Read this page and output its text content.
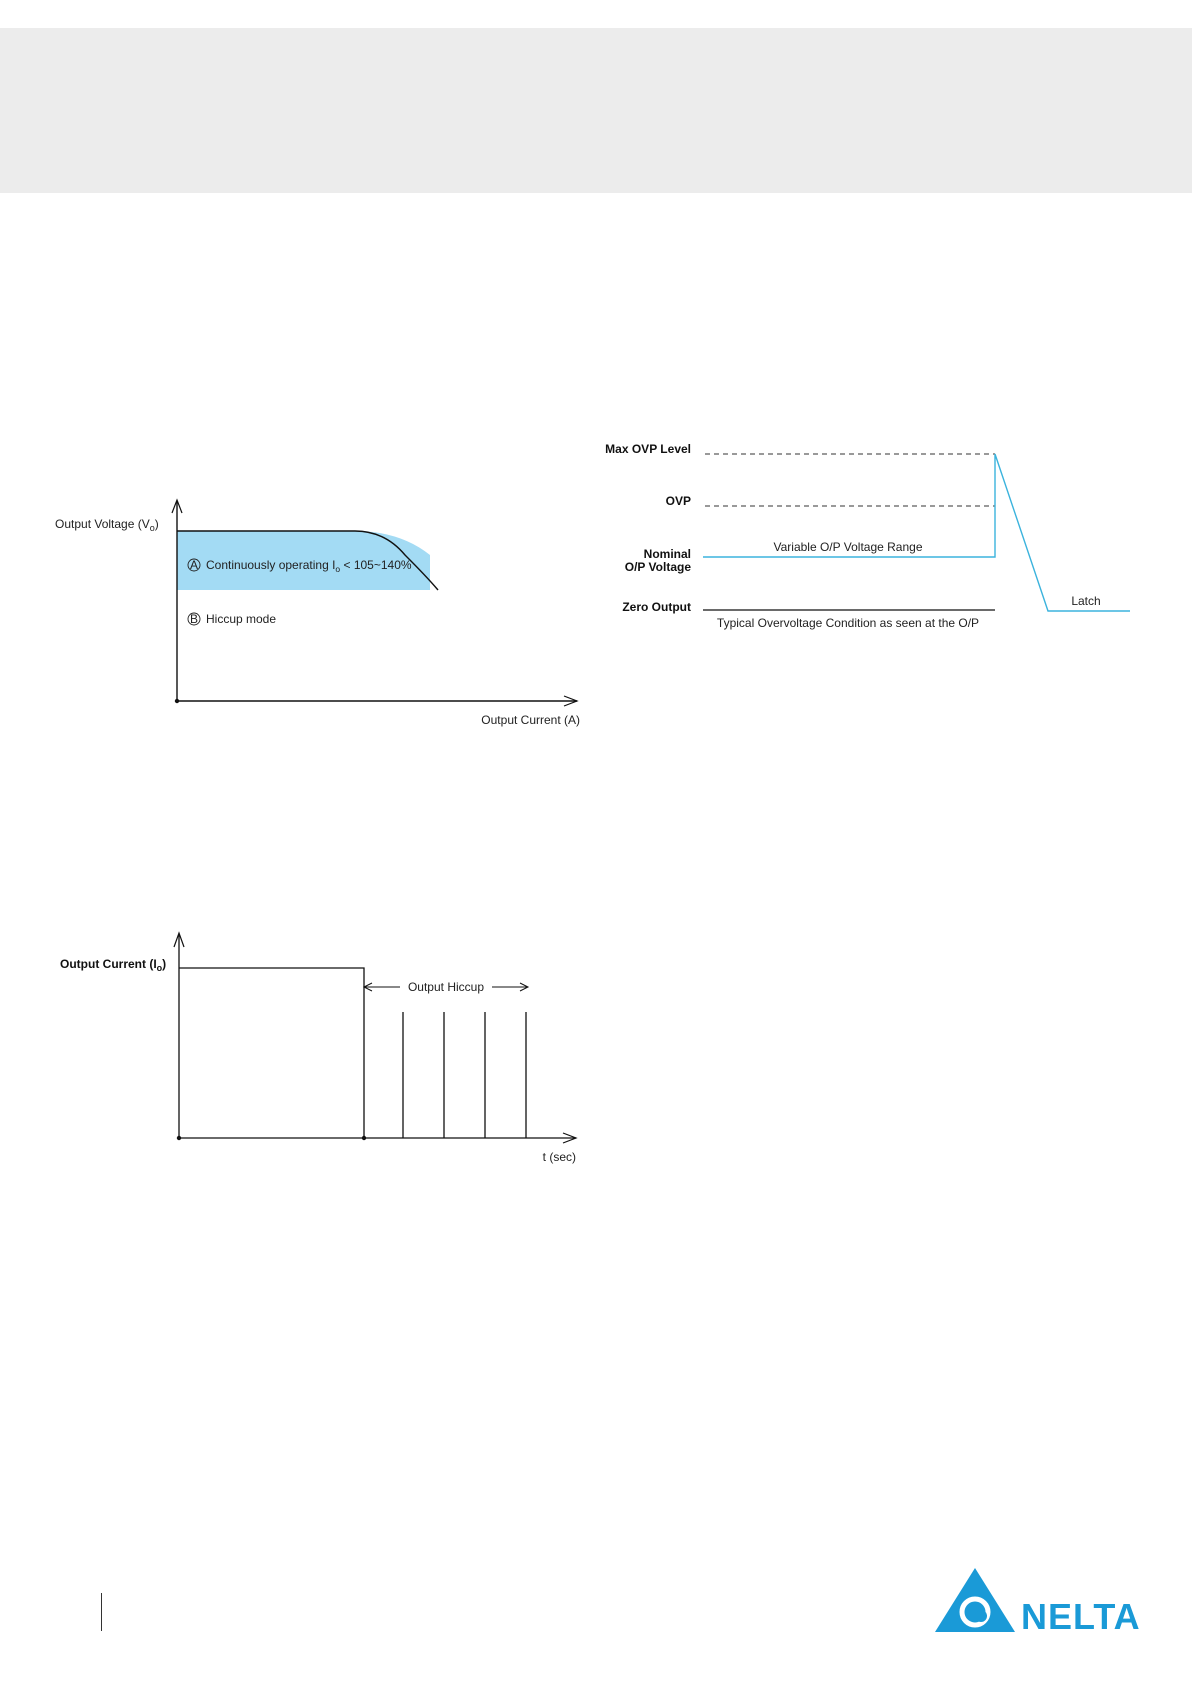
Output Voltage $(V_o)$
A Continuously operating $I_o$ < 105~140%
B Hiccup mode
Output Current (A)
Max OVP Level
OVP
Nominal
O/P Voltage
Zero Output
Variable O/P Voltage Range
Typical Overvoltage Condition as seen at the O/P
Latch
Output Current $(I_o)$
Output Hiccup
t (sec)
NELTA
